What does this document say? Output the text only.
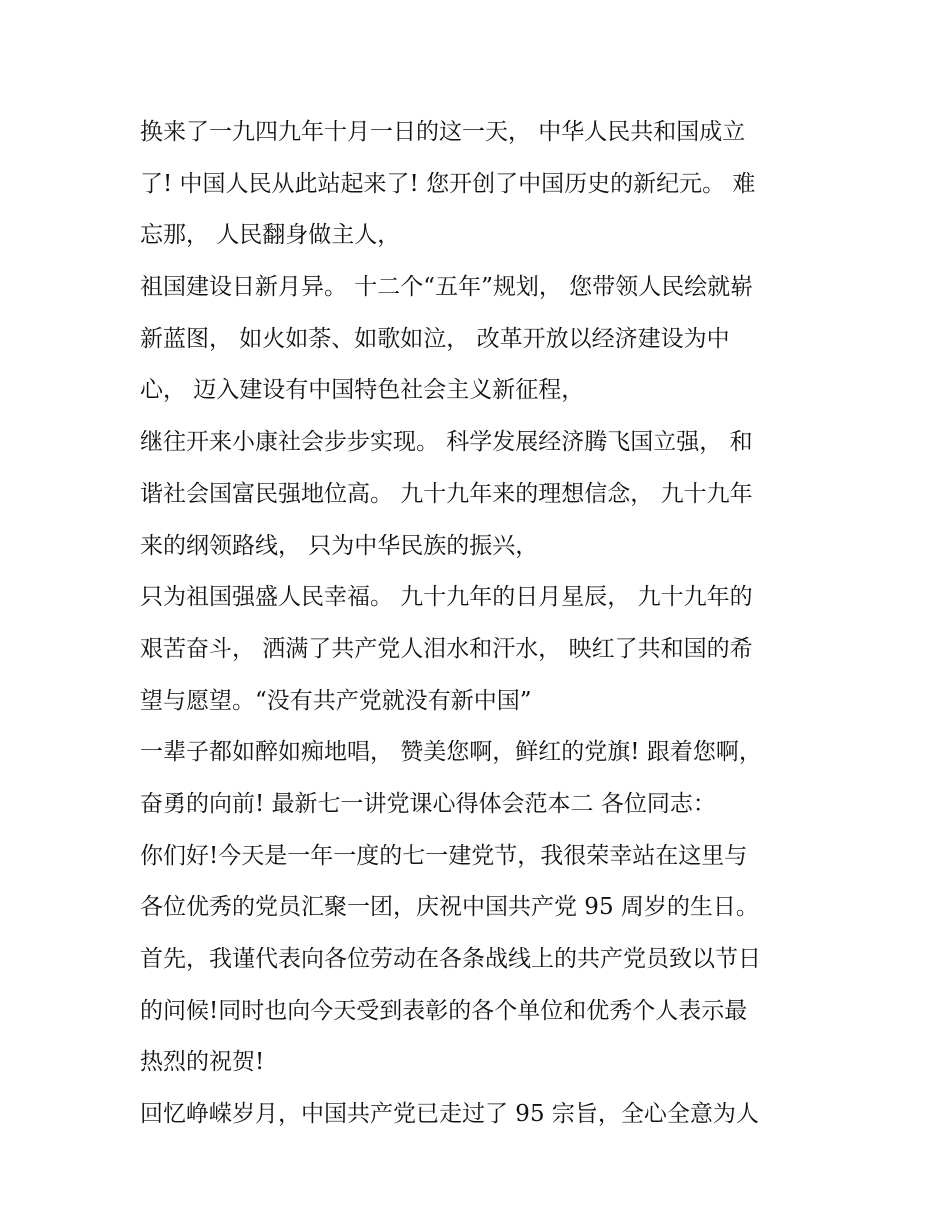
换来了一九四九年十月一日的这一天， 中华人民共和国成立
了! 中国人民从此站起来了! 您开创了中国历史的新纪元。 难
忘那， 人民翻身做主人，
祖国建设日新月异。 十二个“五年”规划， 您带领人民绘就崭
新蓝图， 如火如荼、如歌如泣， 改革开放以经济建设为中
心， 迈入建设有中国特色社会主义新征程，
继往开来小康社会步步实现。 科学发展经济腾飞国立强， 和
谐社会国富民强地位高。 九十九年来的理想信念， 九十九年
来的纲领路线， 只为中华民族的振兴，
只为祖国强盛人民幸福。 九十九年的日月星辰， 九十九年的
艰苦奋斗， 洒满了共产党人泪水和汗水， 映红了共和国的希
望与愿望。“没有共产党就没有新中国”
一辈子都如醉如痴地唱， 赞美您啊，鲜红的党旗! 跟着您啊，
奋勇的向前! 最新七一讲党课心得体会范本二 各位同志：
你们好!今天是一年一度的七一建党节，我很荣幸站在这里与
各位优秀的党员汇聚一团，庆祝中国共产党 95 周岁的生日。
首先，我谨代表向各位劳动在各条战线上的共产党员致以节日
的问候!同时也向今天受到表彰的各个单位和优秀个人表示最
热烈的祝贺!
回忆峥嵘岁月，中国共产党已走过了 95 宗旨，全心全意为人
